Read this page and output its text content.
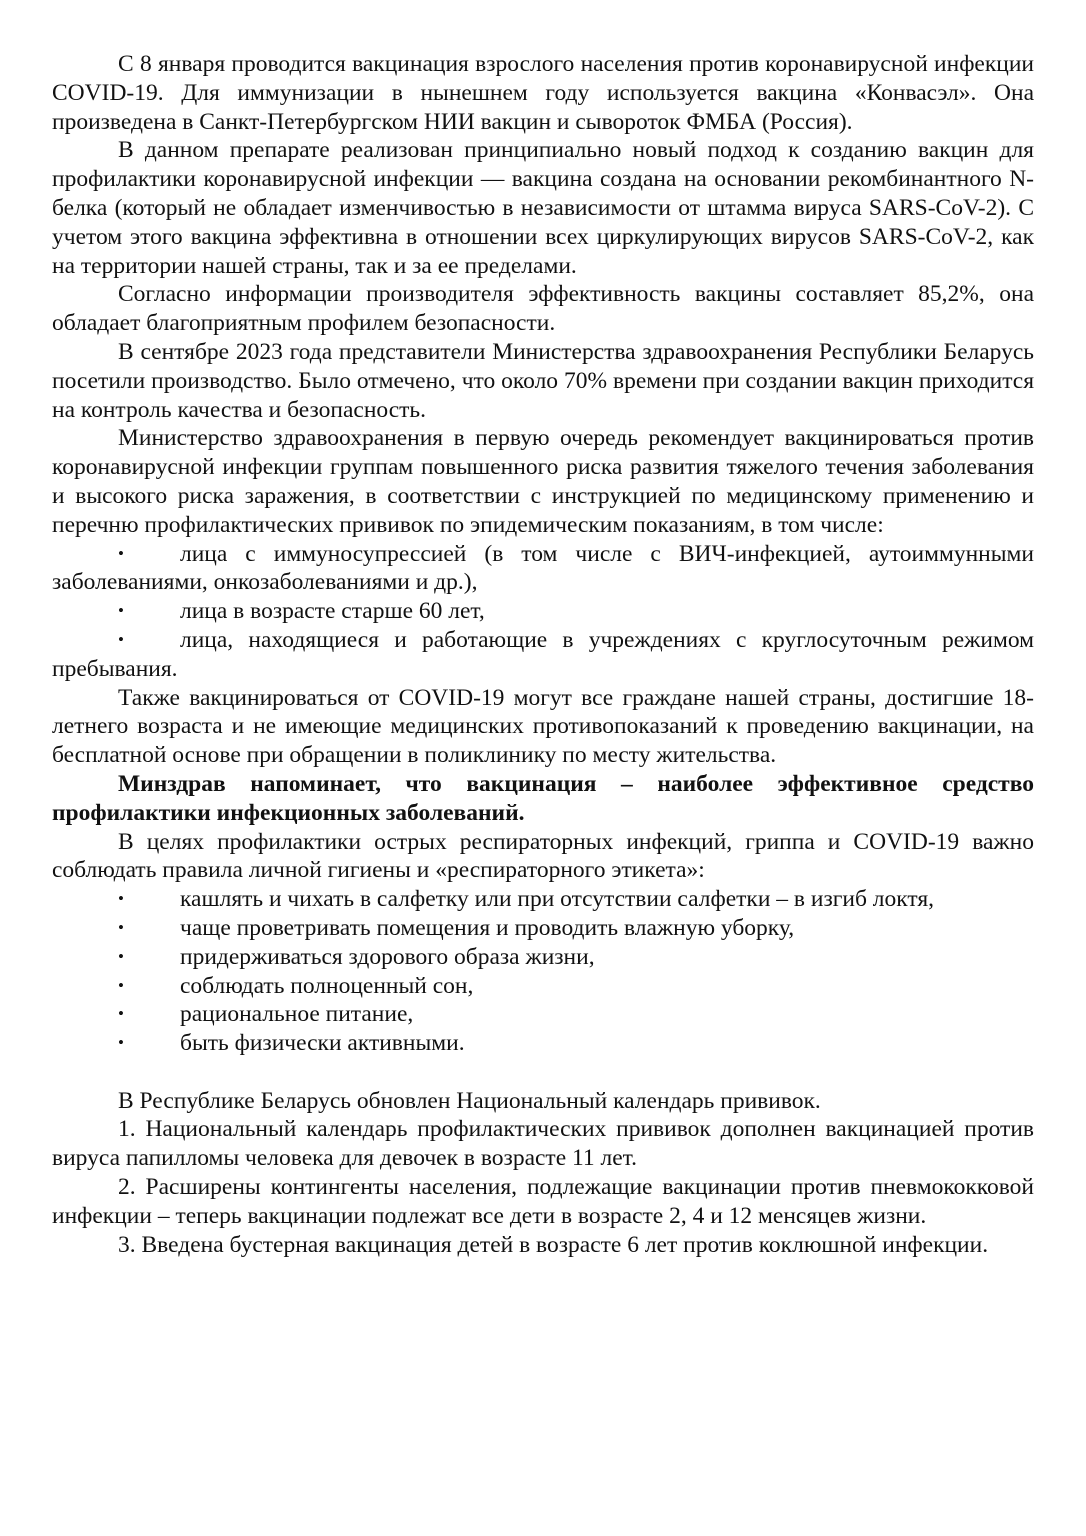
С 8 января проводится вакцинация взрослого населения против коронавирусной инфекции COVID-19. Для иммунизации в нынешнем году используется вакцина «Конвасэл». Она произведена в Санкт-Петербургском НИИ вакцин и сывороток ФМБА (Россия).

В данном препарате реализован принципиально новый подход к созданию вакцин для профилактики коронавирусной инфекции — вакцина создана на основании рекомбинантного N-белка (который не обладает изменчивостью в независимости от штамма вируса SARS-CoV-2). С учетом этого вакцина эффективна в отношении всех циркулирующих вирусов SARS-CoV-2, как на территории нашей страны, так и за ее пределами.

Согласно информации производителя эффективность вакцины составляет 85,2%, она обладает благоприятным профилем безопасности.

В сентябре 2023 года представители Министерства здравоохранения Республики Беларусь посетили производство. Было отмечено, что около 70% времени при создании вакцин приходится на контроль качества и безопасность.

Министерство здравоохранения в первую очередь рекомендует вакцинироваться против коронавирусной инфекции группам повышенного риска развития тяжелого течения заболевания и высокого риска заражения, в соответствии с инструкцией по медицинскому применению и перечню профилактических прививок по эпидемическим показаниям, в том числе:

• лица с иммуносупрессией (в том числе с ВИЧ-инфекцией, аутоиммунными заболеваниями, онкозаболеваниями и др.),
• лица в возрасте старше 60 лет,
• лица, находящиеся и работающие в учреждениях с круглосуточным режимом пребывания.

Также вакцинироваться от COVID-19 могут все граждане нашей страны, достигшие 18-летнего возраста и не имеющие медицинских противопоказаний к проведению вакцинации, на бесплатной основе при обращении в поликлинику по месту жительства.

Минздрав напоминает, что вакцинация – наиболее эффективное средство профилактики инфекционных заболеваний.

В целях профилактики острых респираторных инфекций, гриппа и COVID-19 важно соблюдать правила личной гигиены и «респираторного этикета»:

• кашлять и чихать в салфетку или при отсутствии салфетки – в изгиб локтя,
• чаще проветривать помещения и проводить влажную уборку,
• придерживаться здорового образа жизни,
• соблюдать полноценный сон,
• рациональное питание,
• быть физически активными.

В Республике Беларусь обновлен Национальный календарь прививок.

1. Национальный календарь профилактических прививок дополнен вакцинацией против вируса папилломы человека для девочек в возрасте 11 лет.

2. Расширены контингенты населения, подлежащие вакцинации против пневмококковой инфекции – теперь вакцинации подлежат все дети в возрасте 2, 4 и 12 менсяцев жизни.

3. Введена бустерная вакцинация детей в возрасте 6 лет против коклюшной инфекции.
